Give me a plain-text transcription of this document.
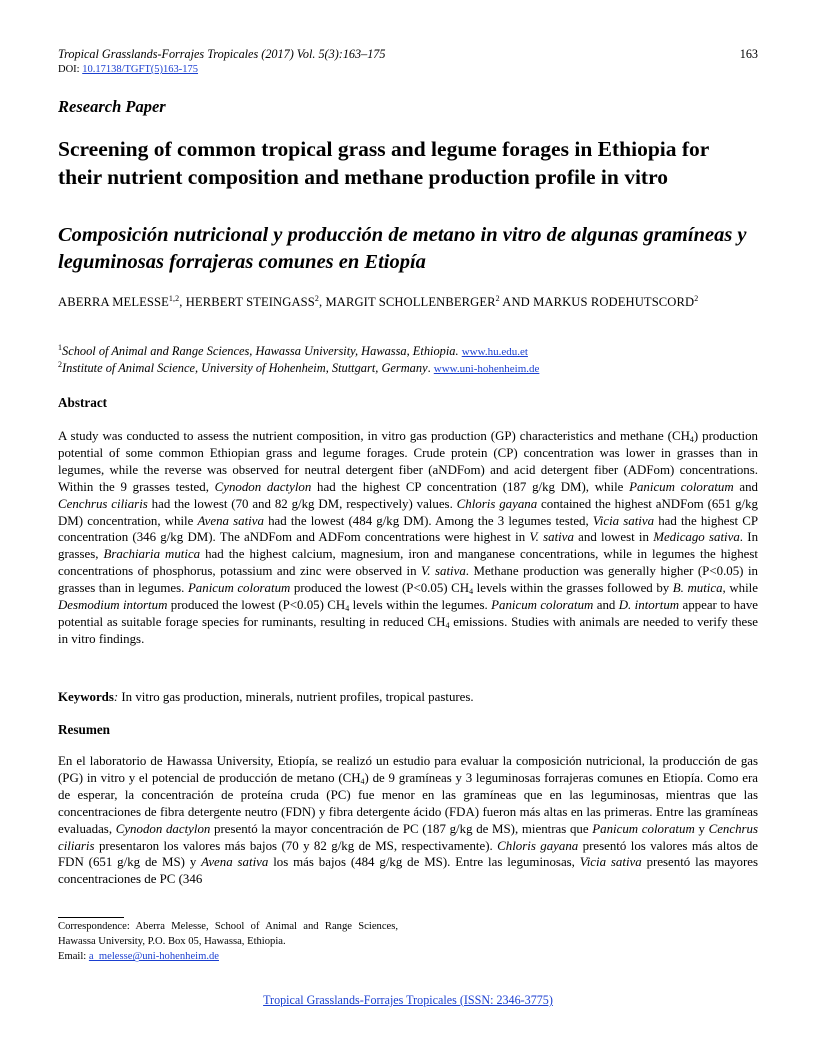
Tropical Grasslands-Forrajes Tropicales (2017) Vol. 5(3):163–175	163
DOI: 10.17138/TGFT(5)163-175
Research Paper
Screening of common tropical grass and legume forages in Ethiopia for their nutrient composition and methane production profile in vitro
Composición nutricional y producción de metano in vitro de algunas gramíneas y leguminosas forrajeras comunes en Etiopía
ABERRA MELESSE$^{1,2}$, HERBERT STEINGASS$^2$, MARGIT SCHOLLENBERGER$^2$ AND MARKUS RODEHUTSCORD$^2$
$^1$School of Animal and Range Sciences, Hawassa University, Hawassa, Ethiopia. www.hu.edu.et
$^2$Institute of Animal Science, University of Hohenheim, Stuttgart, Germany. www.uni-hohenheim.de
Abstract

A study was conducted to assess the nutrient composition, in vitro gas production (GP) characteristics and methane $(CH_4)$ production potential of some common Ethiopian grass and legume forages. Crude protein (CP) concentration was lower in grasses than in legumes, while the reverse was observed for neutral detergent fiber (aNDFom) and acid detergent fiber (ADFom) concentrations. Within the 9 grasses tested, Cynodon dactylon had the highest CP concentration (187 g/kg DM), while Panicum coloratum and Cenchrus ciliaris had the lowest (70 and 82 g/kg DM, respectively) values. Chloris gayana contained the highest aNDFom (651 g/kg DM) concentration, while Avena sativa had the lowest (484 g/kg DM). Among the 3 legumes tested, Vicia sativa had the highest CP concentration (346 g/kg DM). The aNDFom and ADFom concentrations were highest in V. sativa and lowest in Medicago sativa. In grasses, Brachiaria mutica had the highest calcium, magnesium, iron and manganese concentrations, while in legumes the highest concentrations of phosphorus, potassium and zinc were observed in V. sativa. Methane production was generally higher (P<0.05) in grasses than in legumes. Panicum coloratum produced the lowest (P<0.05) $CH_4$ levels within the grasses followed by B. mutica, while Desmodium intortum produced the lowest (P<0.05) $CH_4$ levels within the legumes. Panicum coloratum and D. intortum appear to have potential as suitable forage species for ruminants, resulting in reduced $CH_4$ emissions. Studies with animals are needed to verify these in vitro findings.

Keywords: In vitro gas production, minerals, nutrient profiles, tropical pastures.

Resumen

En el laboratorio de Hawassa University, Etiopía, se realizó un estudio para evaluar la composición nutricional, la producción de gas (PG) in vitro y el potencial de producción de metano $(CH_4)$ de 9 gramíneas y 3 leguminosas forrajeras comunes en Etiopía. Como era de esperar, la concentración de proteína cruda (PC) fue menor en las gramíneas que en las leguminosas, mientras que las concentraciones de fibra detergente neutro (FDN) y fibra detergente ácido (FDA) fueron más altas en las primeras. Entre las gramíneas evaluadas, Cynodon dactylon presentó la mayor concentración de PC (187 g/kg de MS), mientras que Panicum coloratum y Cenchrus ciliaris presentaron los valores más bajos (70 y 82 g/kg de MS, respectivamente). Chloris gayana presentó los valores más altos de FDN (651 g/kg de MS) y Avena sativa los más bajos (484 g/kg de MS). Entre las leguminosas, Vicia sativa presentó las mayores concentraciones de PC (346

Correspondence: Aberra Melesse, School of Animal and Range Sciences, Hawassa University, P.O. Box 05, Hawassa, Ethiopia.
Email: a_melesse@uni-hohenheim.de
Tropical Grasslands-Forrajes Tropicales (ISSN: 2346-3775)
